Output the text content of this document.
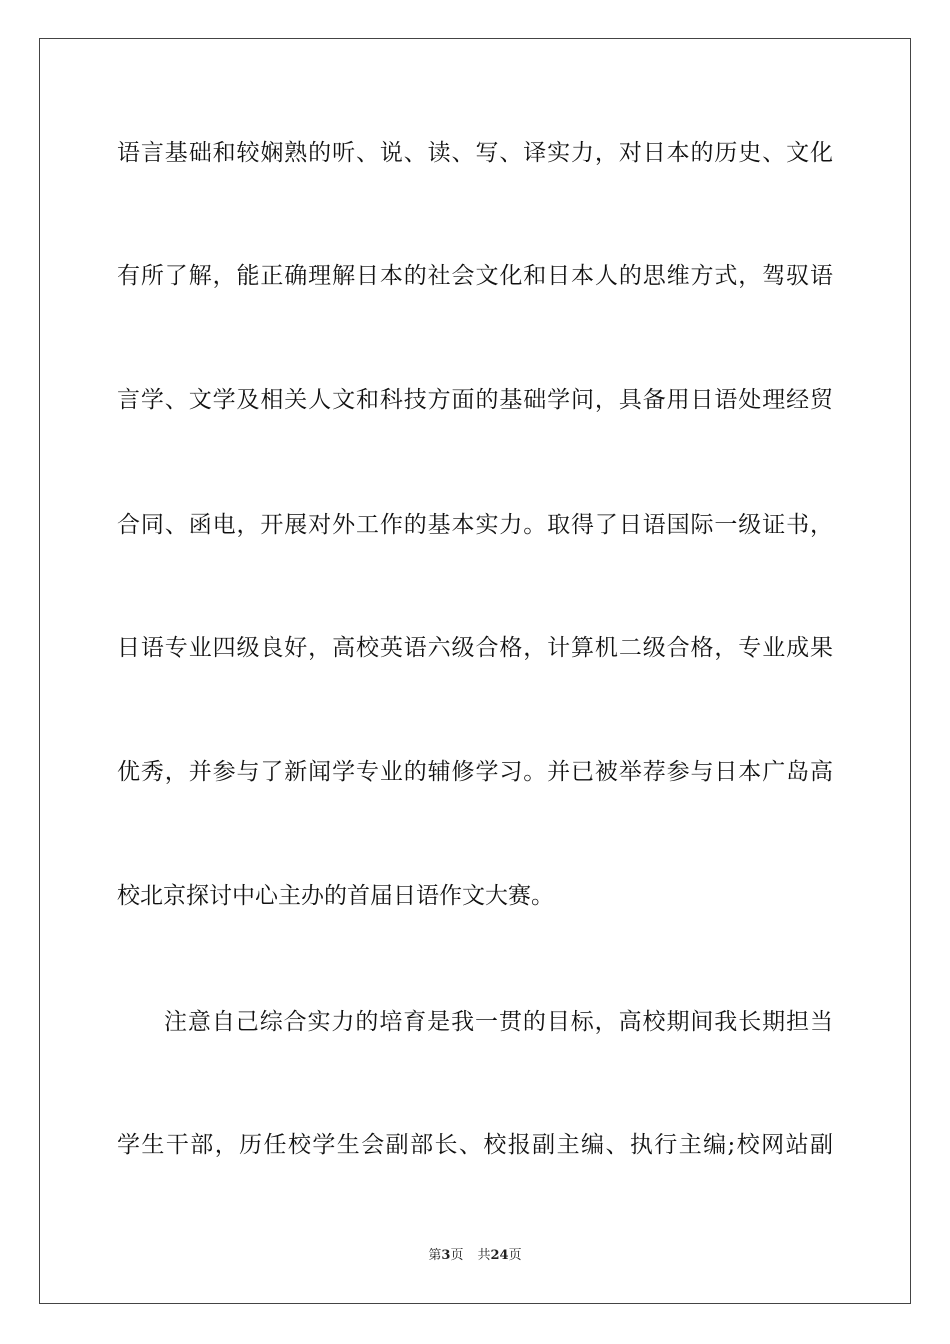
语言基础和较娴熟的听、说、读、写、译实力，对日本的历史、文化
有所了解，能正确理解日本的社会文化和日本人的思维方式，驾驭语
言学、文学及相关人文和科技方面的基础学问，具备用日语处理经贸
合同、函电，开展对外工作的基本实力。取得了日语国际一级证书，
日语专业四级良好，高校英语六级合格，计算机二级合格，专业成果
优秀，并参与了新闻学专业的辅修学习。并已被举荐参与日本广岛高
校北京探讨中心主办的首届日语作文大赛。
注意自己综合实力的培育是我一贯的目标，高校期间我长期担当
学生干部，历任校学生会副部长、校报副主编、执行主编;校网站副
第3页 共24页
